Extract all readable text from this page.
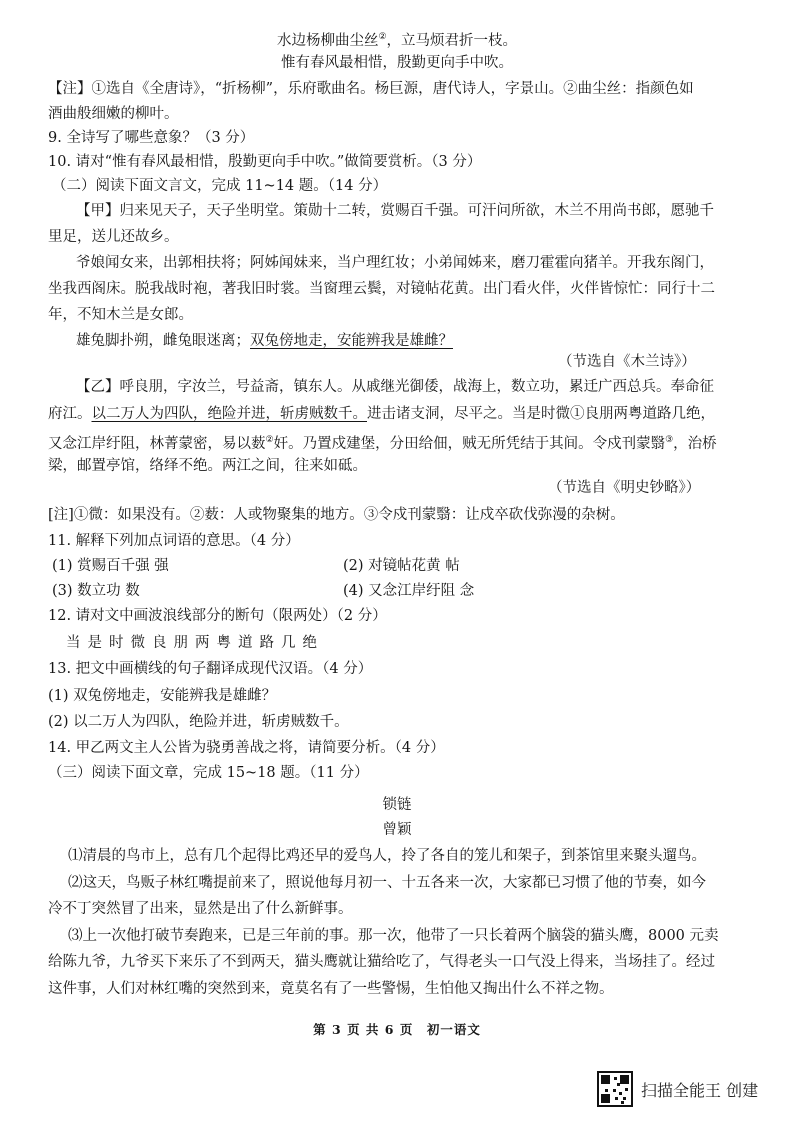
水边杨柳曲尘丝②，立马烦君折一枝。
惟有春风最相惜，殷勤更向手中吹。
【注】①选自《全唐诗》，“折杨柳”，乐府歌曲名。杨巨源，唐代诗人，字景山。②曲尘丝：指颜色如
酒曲般细嫩的柳叶。
9. 全诗写了哪些意象？（3 分）
10. 请对“惟有春风最相惜，殷勤更向手中吹。”做简要赏析。（3 分）
（二）阅读下面文言文，完成 11~14 题。（14 分）
【甲】归来见天子，天子坐明堂。策勋十二转，赏赐百千强。可汗问所欲，木兰不用尚书郎，愿驰千
里足，送儿还故乡。
爷娘闻女来，出郭相扶将；阿姊闻妹来，当户理红妆；小弟闻姊来，磨刀霍霍向猪羊。开我东阁门，
坐我西阁床。脱我战时袍，著我旧时裳。当窗理云鬓，对镜帖花黄。出门看火伴，火伴皆惊忙：同行十二
年，不知木兰是女郎。
雄兔脚扑朔，雌兔眼迷离；双兔傍地走，安能辨我是雄雌？
（节选自《木兰诗》）
【乙】呼良朋，字汝兰，号益斋，镇东人。从戚继光御倭，战海上，数立功，累迁广西总兵。奉命征
府江。以二万人为四队，绝险并进，斩虏贼数千。进击诸支洞，尽平之。当是时微①良朋两粤道路几绝，
又念江岸纡阻，林菁蒙密，易以薮②奸。乃置戍建堡，分田给佃，贼无所凭结于其间。令戍刊蒙翳③，治桥
梁，邮置亭馆，络绎不绝。两江之间，往来如砥。
（节选自《明史钞略》）
[注]①微：如果没有。②薮：人或物聚集的地方。③令戍刊蒙翳：让戍卒砍伐弥漫的杂树。
11. 解释下列加点词语的意思。（4 分）
(1) 赏赐百千强 强	(2) 对镜帖花黄 帖
(3) 数立功 数	(4) 又念江岸纡阻 念
12. 请对文中画波浪线部分的断句（限两处）（2 分）
当是时微良朋两粤道路几绝
13. 把文中画横线的句子翻译成现代汉语。（4 分）
(1) 双兔傍地走，安能辨我是雄雌？
(2) 以二万人为四队，绝险并进，斩虏贼数千。
14. 甲乙两文主人公皆为骁勇善战之将，请简要分析。（4 分）
（三）阅读下面文章，完成 15~18 题。（11 分）
锁链
曾颖
⑴清晨的鸟市上，总有几个起得比鸡还早的爱鸟人，拎了各自的笼儿和架子，到茶馆里来聚头遛鸟。
⑵这天，鸟贩子林红嘴提前来了，照说他每月初一、十五各来一次，大家都已习惯了他的节奏，如今
冷不丁突然冒了出来，显然是出了什么新鲜事。
⑶上一次他打破节奏跑来，已是三年前的事。那一次，他带了一只长着两个脑袋的猫头鹰，8000 元卖
给陈九爷，九爷买下来乐了不到两天，猫头鹰就让猫给吃了，气得老头一口气没上得来，当场挂了。经过
这件事，人们对林红嘴的突然到来，竟莫名有了一些警惕，生怕他又掏出什么不祥之物。
第 3 页 共 6 页　初一语文
扫描全能王 创建
